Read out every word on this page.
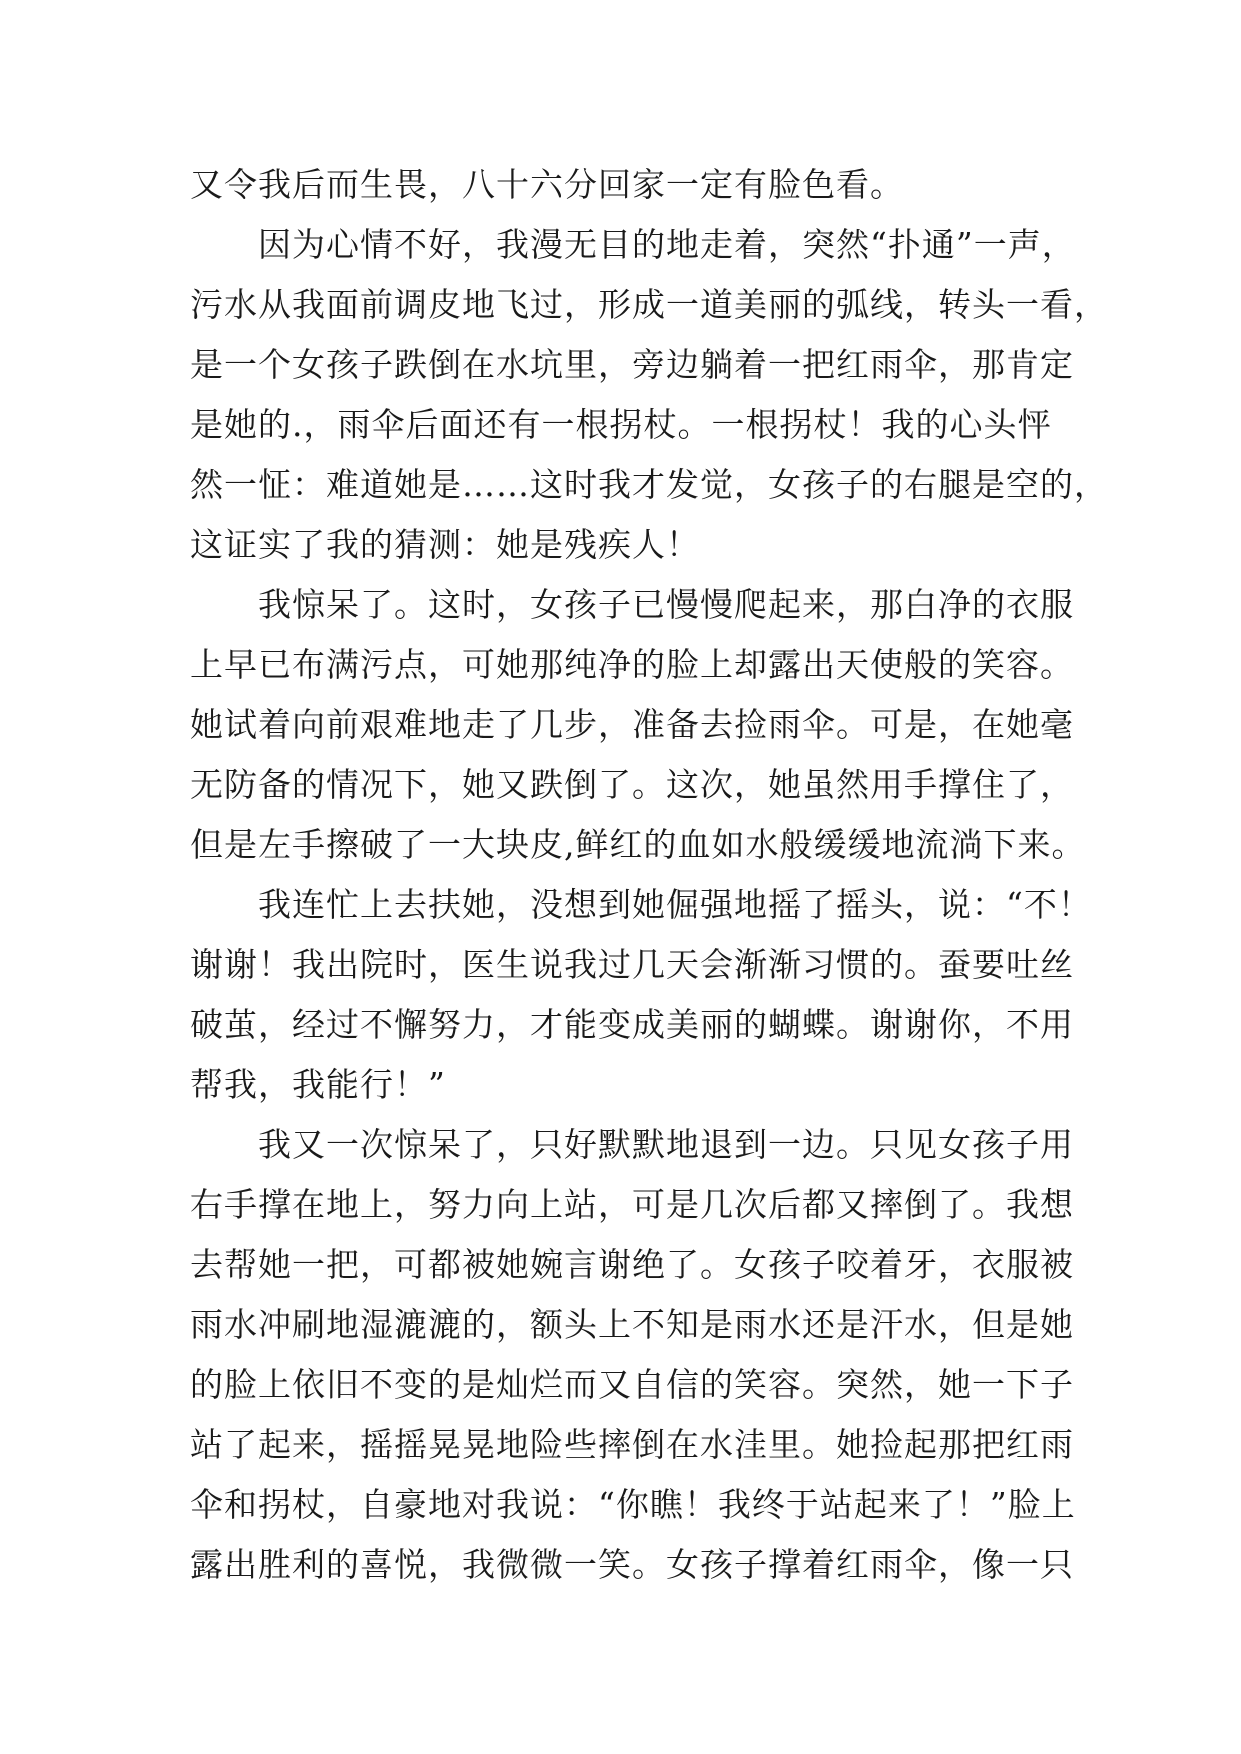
又令我后而生畏，八十六分回家一定有脸色看。
因为心情不好，我漫无目的地走着，突然“扑通”一声，
污水从我面前调皮地飞过，形成一道美丽的弧线，转头一看，
是一个女孩子跌倒在水坑里，旁边躺着一把红雨伞，那肯定
是她的.，雨伞后面还有一根拐杖。一根拐杖！我的心头怦
然一怔：难道她是……这时我才发觉，女孩子的右腿是空的，
这证实了我的猜测：她是残疾人！
我惊呆了。这时，女孩子已慢慢爬起来，那白净的衣服
上早已布满污点，可她那纯净的脸上却露出天使般的笑容。
她试着向前艰难地走了几步，准备去捡雨伞。可是，在她毫
无防备的情况下，她又跌倒了。这次，她虽然用手撑住了，
但是左手擦破了一大块皮,鲜红的血如水般缓缓地流淌下来。
我连忙上去扶她，没想到她倔强地摇了摇头，说：“不！
谢谢！我出院时，医生说我过几天会渐渐习惯的。蚕要吐丝
破茧，经过不懈努力，才能变成美丽的蝴蝶。谢谢你，不用
帮我，我能行！”
我又一次惊呆了，只好默默地退到一边。只见女孩子用
右手撑在地上，努力向上站，可是几次后都又摔倒了。我想
去帮她一把，可都被她婉言谢绝了。女孩子咬着牙，衣服被
雨水冲刷地湿漉漉的，额头上不知是雨水还是汗水，但是她
的脸上依旧不变的是灿烂而又自信的笑容。突然，她一下子
站了起来，摇摇晃晃地险些摔倒在水洼里。她捡起那把红雨
伞和拐杖，自豪地对我说：“你瞧！我终于站起来了！”脸上
露出胜利的喜悦，我微微一笑。女孩子撑着红雨伞，像一只
